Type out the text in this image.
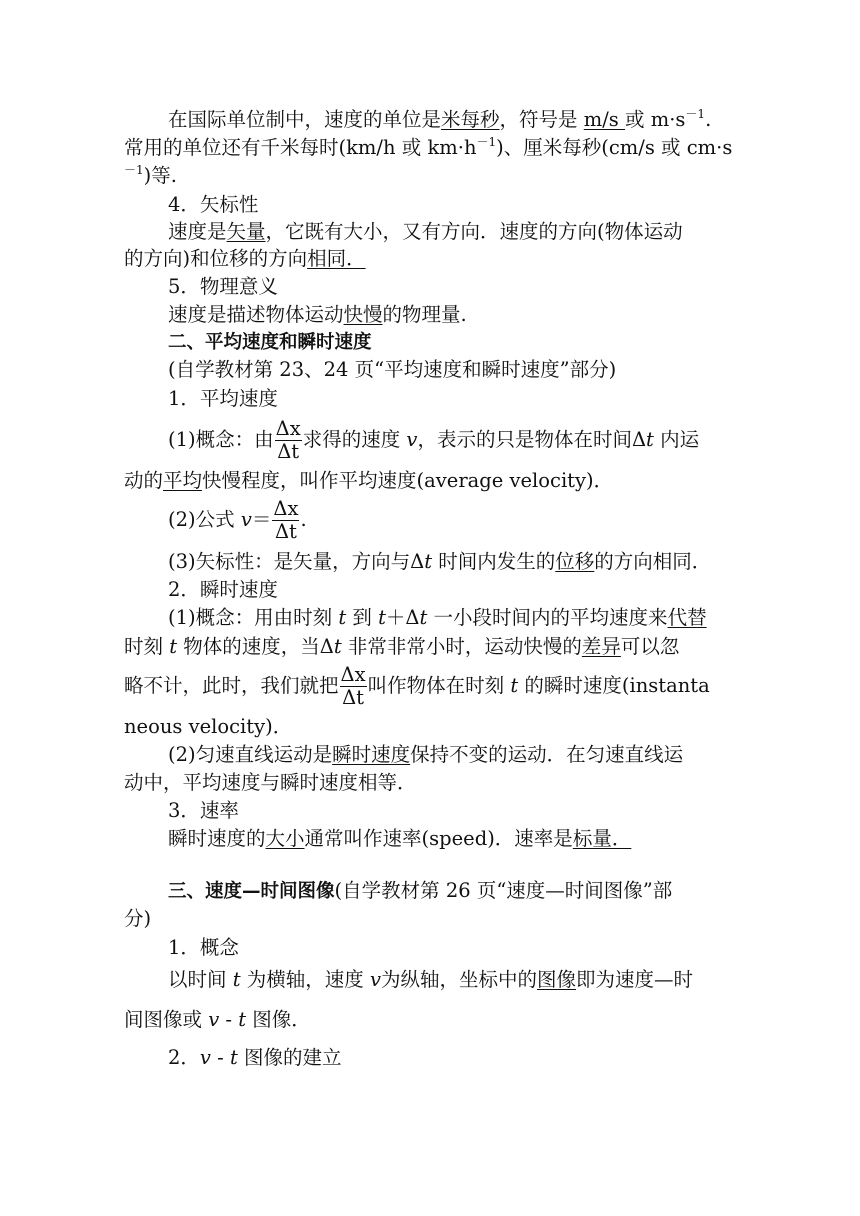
在国际单位制中，速度的单位是米每秒，符号是 m/s 或 $m\cdot s^{-1}$.
常用的单位还有千米每时(km/h 或 $km\cdot h^{-1}$)、厘米每秒(cm/s 或 cm·s
$^{-1}$)等.
4．矢标性
速度是矢量，它既有大小，又有方向．速度的方向(物体运动
的方向)和位移的方向相同．
5．物理意义
速度是描述物体运动快慢的物理量.
二、平均速度和瞬时速度
(自学教材第 23、24 页“平均速度和瞬时速度”部分)
1．平均速度
(1)概念：由 $\frac{\Delta x}{\Delta t}$ 求得的速度 v，表示的只是物体在时间Δt 内运
动的平均快慢程度，叫作平均速度(average velocity)．
(2)公式 $v= \frac{\Delta x}{\Delta t}$ .
(3)矢标性：是矢量，方向与Δt 时间内发生的位移的方向相同．
2．瞬时速度
(1)概念：用由时刻 t 到 t＋Δt 一小段时间内的平均速度来代替
时刻 t 物体的速度，当Δt 非常非常小时，运动快慢的差异可以忽
略不计，此时，我们就把 $\frac{\Delta x}{\Delta t}$ 叫作物体在时刻 t 的瞬时速度(instanta
neous velocity)．
(2)匀速直线运动是瞬时速度保持不变的运动．在匀速直线运
动中，平均速度与瞬时速度相等．
3．速率
瞬时速度的大小通常叫作速率(speed)．速率是标量．
三、速度—时间图像(自学教材第 26 页“速度—时间图像”部
分)
1．概念
以时间 t 为横轴，速度 v为纵轴，坐标中的图像即为速度—时
间图像或 v - t 图像．
2．v - t 图像的建立
